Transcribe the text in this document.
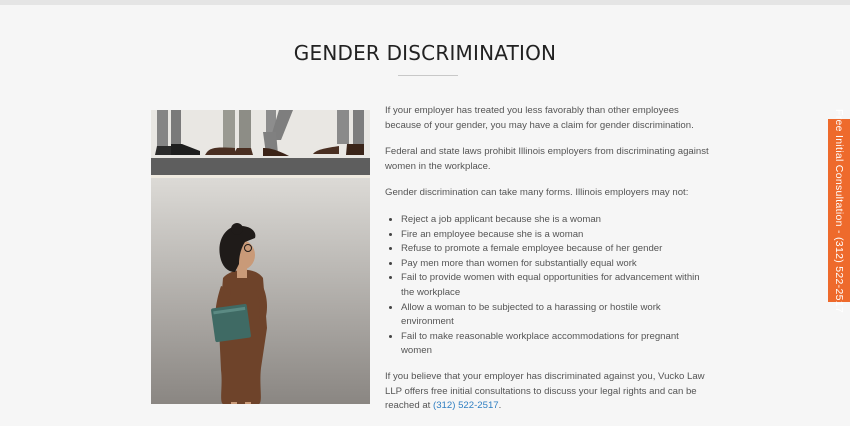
GENDER DISCRIMINATION

If your employer has treated you less favorably than other employees because of your gender, you may have a claim for gender discrimination.

Federal and state laws prohibit Illinois employers from discriminating against women in the workplace.

Gender discrimination can take many forms. Illinois employers may not:

• Reject a job applicant because she is a woman
• Fire an employee because she is a woman
• Refuse to promote a female employee because of her gender
• Pay men more than women for substantially equal work
• Fail to provide women with equal opportunities for advancement within the workplace
• Allow a woman to be subjected to a harassing or hostile work environment
• Fail to make reasonable workplace accommodations for pregnant women

If you believe that your employer has discriminated against you, Vucko Law LLP offers free initial consultations to discuss your legal rights and can be reached at (312) 522-2517.

Free Initial Consultation - (312) 522-2517
